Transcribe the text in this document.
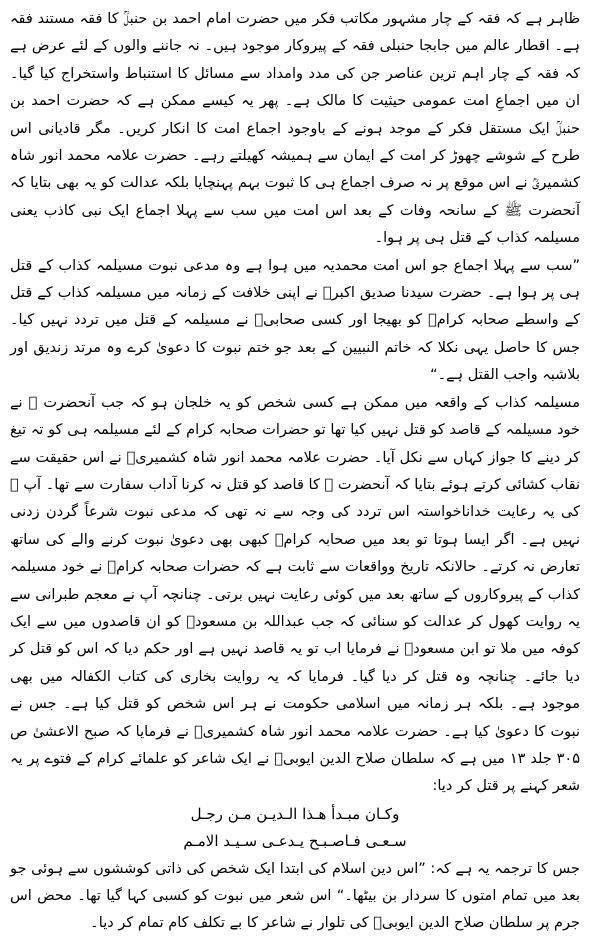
ظاہر ہے کہ فقہ کے چار مشہور مکاتب فکر میں حضرت امام احمد بن حنبلؒ کا فقہ مستند فقہ ہے۔ اقطار عالم میں جابجا حنبلی فقہ کے پیروکار موجود ہیں۔ نہ جاننے والوں کے لئے عرض ہے کہ فقہ کے چار اہم ترین عناصر جن کی مدد وامداد سے مسائل کا استنباط واستخراج کیا گیا۔ ان میں اجماعِ امت عمومی حیثیت کا مالک ہے۔ پھر یہ کیسے ممکن ہے کہ حضرت احمد بن حنبلؒ ایک مستقل فکر کے موجد ہونے کے باوجود اجماع امت کا انکار کریں۔ مگر قادیانی اس طرح کے شوشے چھوڑ کر امت کے ایمان سے ہمیشہ کھیلتے رہے۔ حضرت علامہ محمد انور شاہ کشمیریؒ نے اس موقع پر نہ صرف اجماع ہی کا ثبوت بہم پہنچایا بلکہ عدالت کو یہ بھی بتایا کہ آنحضرت ﷺ کے سانحہ وفات کے بعد اس امت میں سب سے پہلا اجماع ایک نبی کاذب یعنی مسیلمہ کذاب کے قتل ہی پر ہوا۔

”سب سے پہلا اجماع جو اس امت محمدیہ میں ہوا ہے وہ مدعی نبوت مسیلمہ کذاب کے قتل ہی پر ہوا ہے۔ حضرت سیدنا صدیق اکبرؓ نے اپنی خلافت کے زمانہ میں مسیلمہ کذاب کے قتل کے واسطے صحابہ کرامؓ کو بھیجا اور کسی صحابیؓ نے مسیلمہ کے قتل میں تردد نہیں کیا۔ جس کا حاصل یہی نکلا کہ خاتم النبیین کے بعد جو ختم نبوت کا دعویٰ کرے وہ مرتد زندیق اور بلاشبہ واجب القتل ہے۔“

مسیلمہ کذاب کے واقعہ میں ممکن ہے کسی شخص کو یہ خلجان ہو کہ جب آنحضرت ﷺ نے خود مسیلمہ کے قاصد کو قتل نہیں کیا تھا تو حضرات صحابہ کرام کے لئے مسیلمہ ہی کو تہ تیغ کر دینے کا جواز کہاں سے نکل آیا۔ حضرت علامہ محمد انور شاہ کشمیریؒ نے اس حقیقت سے نقاب کشائی کرتے ہوئے بتایا کہ آنحضرت ﷺ کا قاصد کو قتل نہ کرنا آداب سفارت سے تھا۔ آپ ﷺ کی یہ رعایت خداناخواستہ اس تردد کی وجہ سے نہ تھی کہ مدعی نبوت شرعاً گردن زدنی نہیں ہے۔ اگر ایسا ہوتا تو بعد میں صحابہ کرامؓ کبھی بھی دعویٰ نبوت کرنے والے کی ساتھ تعارض نہ کرتے۔ حالانکہ تاریخ وواقعات سے ثابت ہے کہ حضرات صحابہ کرامؓ نے خود مسیلمہ کذاب کے پیروکاروں کے ساتھ بعد میں کوئی رعایت نہیں برتی۔ چنانچہ آپ نے معجم طبرانی سے یہ روایت کھول کر عدالت کو سنائی کہ جب عبداللہ بن مسعودؓ کو ان قاصدوں میں سے ایک کوفہ میں ملا تو ابن مسعودؓ نے فرمایا اب تو یہ قاصد نہیں ہے اور حکم دیا کہ اس کو قتل کر دیا جائے۔ چنانچہ وہ قتل کر دیا گیا۔ فرمایا کہ یہ روایت بخاری کی کتاب الکفالہ میں بھی موجود ہے۔ بلکہ ہر زمانہ میں اسلامی حکومت نے ہر اس شخص کو قتل کیا ہے۔ جس نے نبوت کا دعویٰ کیا ہے۔ حضرت علامہ محمد انور شاہ کشمیریؒ نے فرمایا کہ صبح الاعشیٰ ص ۳۰۵ جلد ۱۳ میں ہے کہ سلطان صلاح الدین ایوبیؒ نے ایک شاعر کو علمائے کرام کے فتوے پر یہ شعر کہنے پر قتل کر دیا:

وكـان مبـدأ هـذا الـديـن مـن رجـل

سـعـى فـاصـبـح يـدعـى سـيـد الامـم

جس کا ترجمہ یہ ہے کہ: ”اس دین اسلام کی ابتدا ایک شخص کی ذاتی کوششوں سے ہوئی جو بعد میں تمام امتوں کا سردار بن بیٹھا۔“ اس شعر میں نبوت کو کسبی کہا گیا تھا۔ محض اس جرم پر سلطان صلاح الدین ایوبیؒ کی تلوار نے شاعر کا بے تکلف کام تمام کر دیا۔
